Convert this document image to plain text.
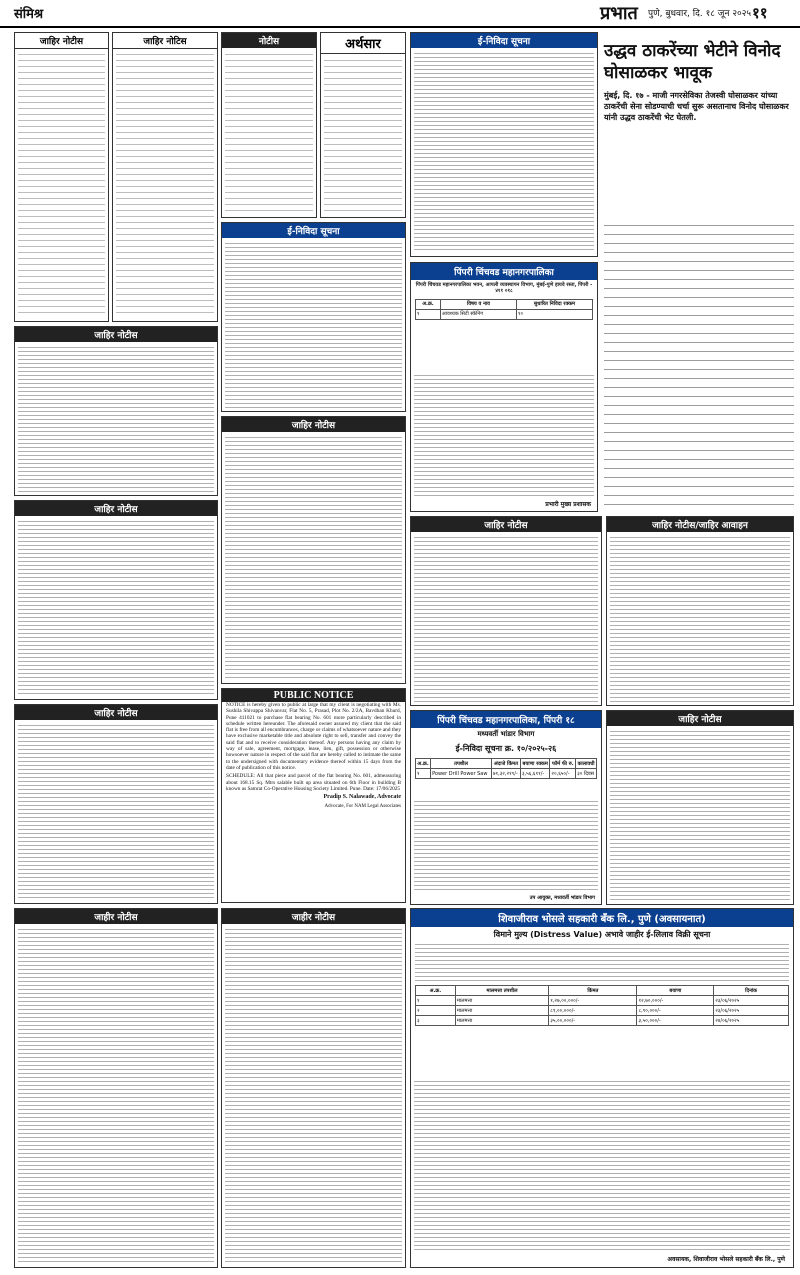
संमिश्र	प्रभात पुणे, बुधवार, दि. १८ जून २०२५ ११
जाहिर नोटीस	जाहिर नोटिस	नोटीस	अर्थसार	ई-निविदा सूचना	उद्धव ठाकरेंच्या भेटीने विनोद घोसाळकर भावूक
मुंबई, दि. १७ - माजी नगरसेविका तेजस्वी घोसाळकर यांच्या ठाकरेंची सेना सोडण्याची चर्चा सुरू असतानाच विनोद घोसाळकर यांनी उद्धव ठाकरेंची भेट घेतली.
ई-निविदा सूचना
पिंपरी चिंचवड महानगरपालिका
पिंपरी चिंचवड महानगरपालिका भवन, आपली व्यवस्थापन विभाग, मुंबई-पुणे हायवे रस्ता, पिंपरी - ४११ ०१८
अ.क्र.	विषय व नाव	सुधारित निविदा रक्कम
१	आवश्यक सिटी स्कॅनिंग	१०
प्रभारी मुख्य प्रशासक
जाहिर नोटीस
जाहिर नोटीस
जाहिर नोटीस
जाहिर नोटीस	जाहिर नोटीस/जाहिर आवाहन
PUBLIC NOTICE
NOTICE is hereby given to public at large that my client is negotiating with Ms. Sushila Shivappa Shivanvar, Flat No. 5, Prasad, Plot No. 2/2A, Bavdhan Khurd, Pune 411021 to purchase flat bearing No. 601 more particularly described in schedule written hereunder. The aforesaid owner assured my client that the said flat is free from all encumbrances, charge or claims of whatsoever nature and they have exclusive marketable title and absolute right to sell, transfer and convey the said flat and to receive consideration thereof. Any persons having any claim by way of sale, agreement, mortgage, lease, lien, gift, possession or otherwise howsoever nature in respect of the said flat are hereby called to intimate the same to the undersigned with documentary evidence thereof within 15 days from the date of publication of this notice.
SCHEDULE: All that piece and parcel of the flat bearing No. 601, admeasuring about 168.15 Sq. Mtrs salable built up area situated on 6th Floor in building B known as Samrat Co-Operative Housing Society Limited. Pune. Date: 17/06/2025
Pradip S. Nalawade, Advocate
Advocate, For NAM Legal Associates
जाहिर नोटीस
पिंपरी चिंचवड महानगरपालिका, पिंपरी १८
मध्यवर्ती भांडार विभाग
ई-निविदा सूचना क्र. १०/२०२५-२६
अ.क्र.	तपशील	अंदाजे किंमत	बयाणा रक्कम	फॉर्म फी रु.	कालावधी
१	Power Drill Power Saw	७१,३२,२१९/-	३,५६,६११/-	२०,६५०/-	३० दिवस
उप आयुक्त, मध्यवर्ती भांडार विभाग
जाहिर नोटीस
जाहीर नोटीस	जाहीर नोटीस	शिवाजीराव भोसले सहकारी बँक लि., पुणे (अवसायनात)
विमाने मुल्य (Distress Value) अभावे जाहीर ई-लिलाव विक्री सूचना
अ.क्र.	मालमत्ता तपशील	किंमत	बयाणा	दिनांक
१	मालमत्ता	१,२७,००,०००/-	१२,७०,०००/-	२३/०६/२०२५
२	मालमत्ता	८९,००,०००/-	८,९०,०००/-	२३/०६/२०२५
३	मालमत्ता	३५,००,०००/-	३,५०,०००/-	२४/०६/२०२५
अवसायक, शिवाजीराव भोसले सहकारी बँक लि., पुणे
